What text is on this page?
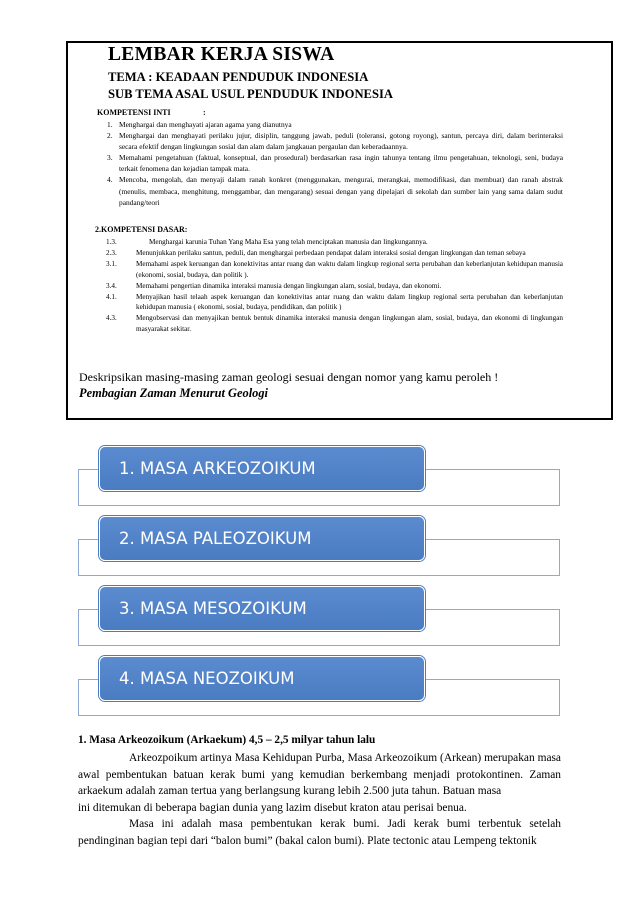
LEMBAR KERJA SISWA
TEMA : KEADAAN PENDUDUK INDONESIA
SUB TEMA ASAL USUL PENDUDUK INDONESIA
KOMPETENSI INTI	:
1. Menghargai dan menghayati ajaran agama yang dianutnya
2. Menghargai dan menghayati perilaku jujur, disiplin, tanggung jawab, peduli (toleransi, gotong royong), santun, percaya diri, dalam berinteraksi secara efektif dengan lingkungan sosial dan alam dalam jangkauan pergaulan dan keberadaannya.
3. Memahami pengetahuan (faktual, konseptual, dan prosedural) berdasarkan rasa ingin tahunya tentang ilmu pengetahuan, teknologi, seni, budaya terkait fenomena dan kejadian tampak mata.
4. Mencoba, mengolah, dan menyaji dalam ranah konkret (menggunakan, mengurai, merangkai, memodifikasi, dan membuat) dan ranah abstrak (menulis, membaca, menghitung, menggambar, dan mengarang) sesuai dengan yang dipelajari di sekolah dan sumber lain yang sama dalam sudut pandang/teori
2.KOMPETENSI DASAR:
1.3.	Menghargai karunia Tuhan Yang Maha Esa yang telah menciptakan manusia dan lingkungannya.
2.3.	Menunjukkan perilaku santun, peduli, dan menghargai perbedaan pendapat dalam interaksi sosial dengan lingkungan dan teman sebaya
3.1.	Memahami aspek keruangan dan konektivitas antar ruang dan waktu dalam lingkup regional serta perubahan dan keberlanjutan kehidupan manusia (ekonomi, sosial, budaya, dan politik ).
3.4.	Memahami pengertian dinamika interaksi manusia dengan lingkungan alam, sosial, budaya, dan ekonomi.
4.1.	Menyajikan hasil telaah aspek keruangan dan konektivitas antar ruang dan waktu dalam lingkup regional serta perubahan dan keberlanjutan kehidupan manusia ( ekonomi, sosial, budaya, pendidikan, dan politik )
4.3.	Mengobservasi dan menyajikan bentuk bentuk dinamika interaksi manusia dengan lingkungan alam, sosial, budaya, dan ekonomi di lingkungan masyarakat sekitar.
Deskripsikan masing-masing zaman geologi sesuai dengan nomor yang kamu peroleh !
Pembagian Zaman Menurut Geologi
1. MASA ARKEOZOIKUM
2. MASA PALEOZOIKUM
3. MASA MESOZOIKUM
4. MASA NEOZOIKUM
1. Masa Arkeozoikum (Arkaekum) 4,5 – 2,5 milyar tahun lalu

Arkeozpoikum artinya Masa Kehidupan Purba, Masa Arkeozoikum (Arkean) merupakan masa awal pembentukan batuan kerak bumi yang kemudian berkembang menjadi protokontinen. Zaman arkaekum adalah zaman tertua yang berlangsung kurang lebih 2.500 juta tahun. Batuan masa

ini ditemukan di beberapa bagian dunia yang lazim disebut kraton atau perisai benua.

Masa ini adalah masa pembentukan kerak bumi. Jadi kerak bumi terbentuk setelah pendinginan bagian tepi dari “balon bumi” (bakal calon bumi). Plate tectonic atau Lempeng tektonik
